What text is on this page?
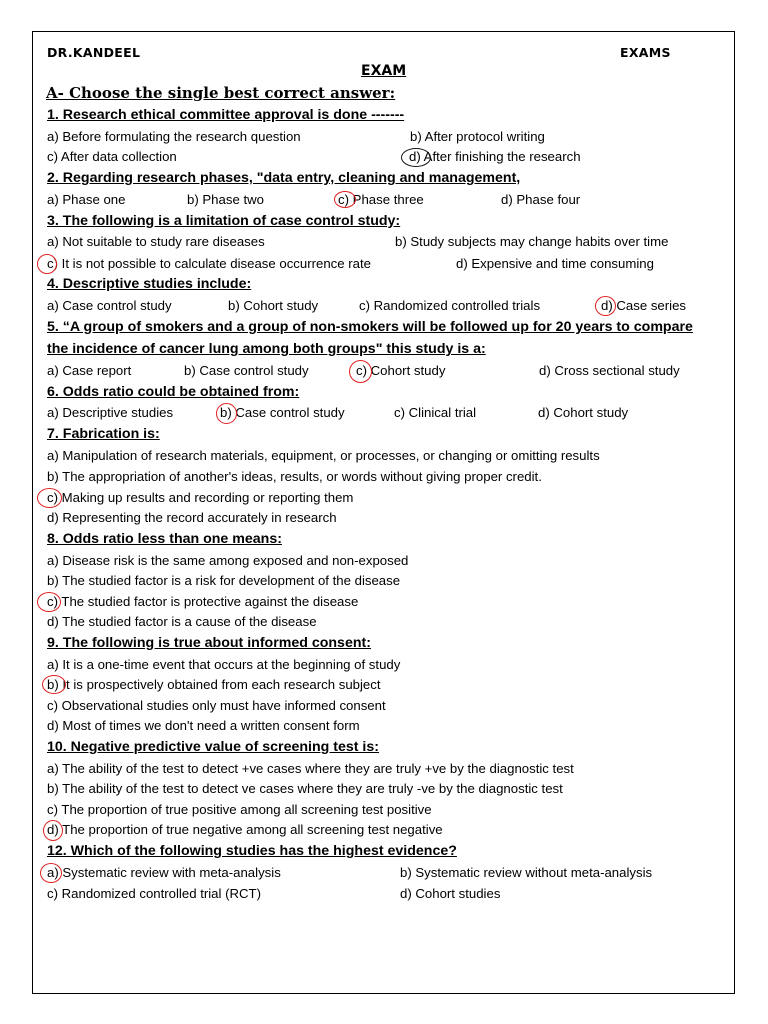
DR.KANDEEL	EXAMS
EXAM
A- Choose the single best correct answer:
1. Research ethical committee approval is done -------
a) Before formulating the research question	b) After protocol writing
c) After data collection	d) After finishing the research
2. Regarding research phases, "data entry, cleaning and management,
a) Phase one	b) Phase two	c) Phase three	d) Phase four
3. The following is a limitation of case control study:
a) Not suitable to study rare diseases	b) Study subjects may change habits over time
c) It is not possible to calculate disease occurrence rate	d) Expensive and time consuming
4. Descriptive studies include:
a) Case control study	b) Cohort study	c) Randomized controlled trials	d) Case series
5. “A group of smokers and a group of non-smokers will be followed up for 20 years to compare
the incidence of cancer lung among both groups" this study is a:
a) Case report	b) Case control study	c) Cohort study	d) Cross sectional study
6. Odds ratio could be obtained from:
a) Descriptive studies	b) Case control study	c) Clinical trial	d) Cohort study
7. Fabrication is:
a) Manipulation of research materials, equipment, or processes, or changing or omitting results
b) The appropriation of another's ideas, results, or words without giving proper credit.
c) Making up results and recording or reporting them
d) Representing the record accurately in research
8. Odds ratio less than one means:
a) Disease risk is the same among exposed and non-exposed
b) The studied factor is a risk for development of the disease
c) The studied factor is protective against the disease
d) The studied factor is a cause of the disease
9. The following is true about informed consent:
a) It is a one-time event that occurs at the beginning of study
b) It is prospectively obtained from each research subject
c) Observational studies only must have informed consent
d) Most of times we don't need a written consent form
10. Negative predictive value of screening test is:
a) The ability of the test to detect +ve cases where they are truly +ve by the diagnostic test
b) The ability of the test to detect ve cases where they are truly -ve by the diagnostic test
c) The proportion of true positive among all screening test positive
d) The proportion of true negative among all screening test negative
12. Which of the following studies has the highest evidence?
a) Systematic review with meta-analysis	b) Systematic review without meta-analysis
c) Randomized controlled trial (RCT)	d) Cohort studies
